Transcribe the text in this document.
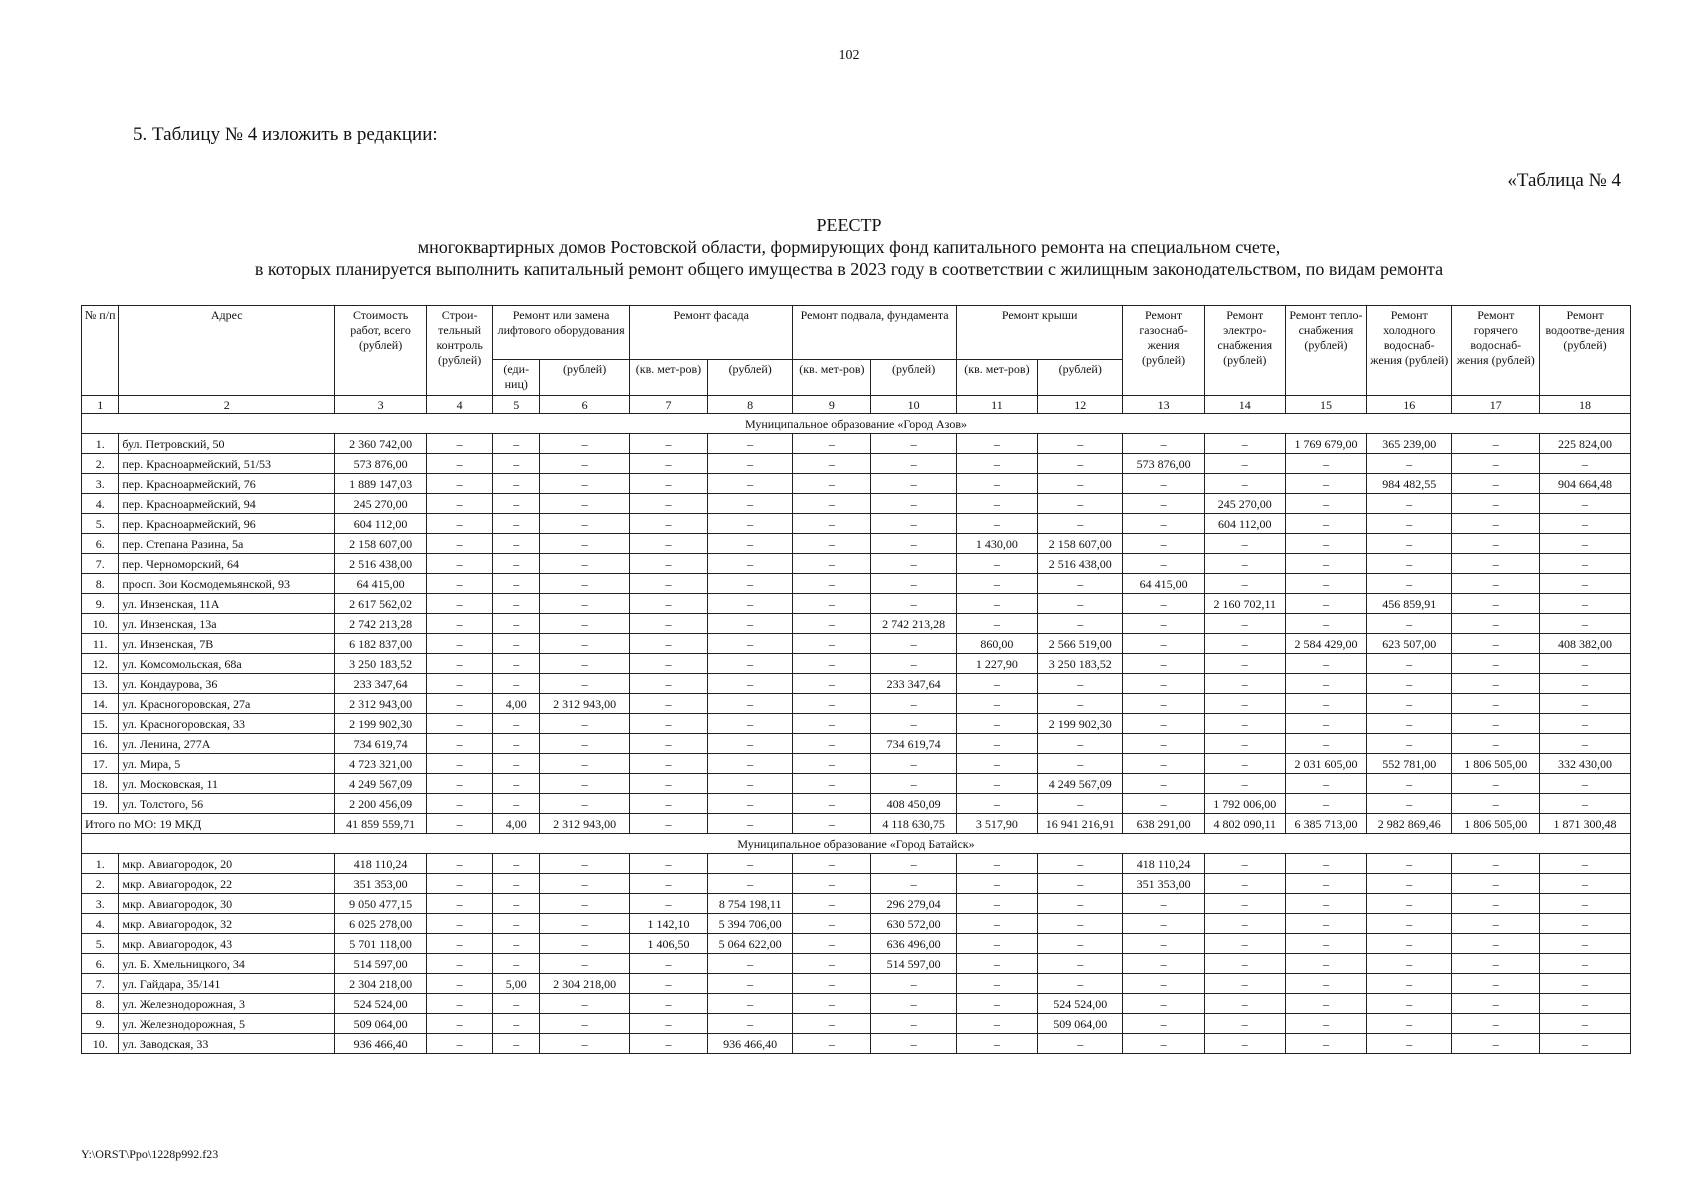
102
5. Таблицу № 4 изложить в редакции:
«Таблица № 4
РЕЕСТР
многоквартирных домов Ростовской области, формирующих фонд капитального ремонта на специальном счете,
в которых планируется выполнить капитальный ремонт общего имущества в 2023 году в соответствии с жилищным законодательством, по видам ремонта
№ п/п	Адрес	Стоимость работ, всего (рублей)	Строи-тельный контроль (рублей)	Ремонт или замена лифтового оборудования		Ремонт фасада		Ремонт подвала, фундамента		Ремонт крыши		Ремонт газоснаб-жения (рублей)	Ремонт электро-снабжения (рублей)	Ремонт тепло-снабжения (рублей)	Ремонт холодного водоснаб-жения (рублей)	Ремонт горячего водоснаб-жения (рублей)	Ремонт водоотве-дения (рублей)
				(еди-ниц)	(рублей)	(кв. мет-ров)	(рублей)	(кв. мет-ров)	(рублей)	(кв. мет-ров)	(рублей)						
1	2	3	4	5	6	7	8	9	10	11	12	13	14	15	16	17	18
Муниципальное образование «Город Азов»																	
1.	бул. Петровский, 50	2 360 742,00	–	–	–	–	–	–	–	–	–	–	–	1 769 679,00	365 239,00	–	225 824,00
2.	пер. Красноармейский, 51/53	573 876,00	–	–	–	–	–	–	–	–	–	573 876,00	–	–	–	–	–
3.	пер. Красноармейский, 76	1 889 147,03	–	–	–	–	–	–	–	–	–	–	–	–	984 482,55	–	904 664,48
4.	пер. Красноармейский, 94	245 270,00	–	–	–	–	–	–	–	–	–	–	245 270,00	–	–	–	–
5.	пер. Красноармейский, 96	604 112,00	–	–	–	–	–	–	–	–	–	–	604 112,00	–	–	–	–
6.	пер. Степана Разина, 5а	2 158 607,00	–	–	–	–	–	–	–	1 430,00	2 158 607,00	–	–	–	–	–	–
7.	пер. Черноморский, 64	2 516 438,00	–	–	–	–	–	–	–	–	2 516 438,00	–	–	–	–	–	–
8.	просп. Зои Космодемьянской, 93	64 415,00	–	–	–	–	–	–	–	–	–	64 415,00	–	–	–	–	–
9.	ул. Инзенская, 11А	2 617 562,02	–	–	–	–	–	–	–	–	–	–	2 160 702,11	–	456 859,91	–	–
10.	ул. Инзенская, 13а	2 742 213,28	–	–	–	–	–	–	2 742 213,28	–	–	–	–	–	–	–	–
11.	ул. Инзенская, 7В	6 182 837,00	–	–	–	–	–	–	–	860,00	2 566 519,00	–	–	2 584 429,00	623 507,00	–	408 382,00
12.	ул. Комсомольская, 68а	3 250 183,52	–	–	–	–	–	–	–	1 227,90	3 250 183,52	–	–	–	–	–	–
13.	ул. Кондаурова, 36	233 347,64	–	–	–	–	–	–	233 347,64	–	–	–	–	–	–	–	–
14.	ул. Красногоровская, 27а	2 312 943,00	–	4,00	2 312 943,00	–	–	–	–	–	–	–	–	–	–	–	–
15.	ул. Красногоровская, 33	2 199 902,30	–	–	–	–	–	–	–	–	2 199 902,30	–	–	–	–	–	–
16.	ул. Ленина, 277А	734 619,74	–	–	–	–	–	–	734 619,74	–	–	–	–	–	–	–	–
17.	ул. Мира, 5	4 723 321,00	–	–	–	–	–	–	–	–	–	–	–	2 031 605,00	552 781,00	1 806 505,00	332 430,00
18.	ул. Московская, 11	4 249 567,09	–	–	–	–	–	–	–	–	4 249 567,09	–	–	–	–	–	–
19.	ул. Толстого, 56	2 200 456,09	–	–	–	–	–	–	408 450,09	–	–	–	1 792 006,00	–	–	–	–
Итого по МО: 19 МКД		41 859 559,71	–	4,00	2 312 943,00	–	–	–	4 118 630,75	3 517,90	16 941 216,91	638 291,00	4 802 090,11	6 385 713,00	2 982 869,46	1 806 505,00	1 871 300,48
Муниципальное образование «Город Батайск»																	
1.	мкр. Авиагородок, 20	418 110,24	–	–	–	–	–	–	–	–	–	418 110,24	–	–	–	–	–
2.	мкр. Авиагородок, 22	351 353,00	–	–	–	–	–	–	–	–	–	351 353,00	–	–	–	–	–
3.	мкр. Авиагородок, 30	9 050 477,15	–	–	–	–	8 754 198,11	–	296 279,04	–	–	–	–	–	–	–	–
4.	мкр. Авиагородок, 32	6 025 278,00	–	–	–	1 142,10	5 394 706,00	–	630 572,00	–	–	–	–	–	–	–	–
5.	мкр. Авиагородок, 43	5 701 118,00	–	–	–	1 406,50	5 064 622,00	–	636 496,00	–	–	–	–	–	–	–	–
6.	ул. Б. Хмельницкого, 34	514 597,00	–	–	–	–	–	–	514 597,00	–	–	–	–	–	–	–	–
7.	ул. Гайдара, 35/141	2 304 218,00	–	5,00	2 304 218,00	–	–	–	–	–	–	–	–	–	–	–	–
8.	ул. Железнодорожная, 3	524 524,00	–	–	–	–	–	–	–	–	524 524,00	–	–	–	–	–	–
9.	ул. Железнодорожная, 5	509 064,00	–	–	–	–	–	–	–	–	509 064,00	–	–	–	–	–	–
10.	ул. Заводская, 33	936 466,40	–	–	–	–	936 466,40	–	–	–	–	–	–	–	–	–	–
Y:\ORST\Ppo\1228p992.f23
